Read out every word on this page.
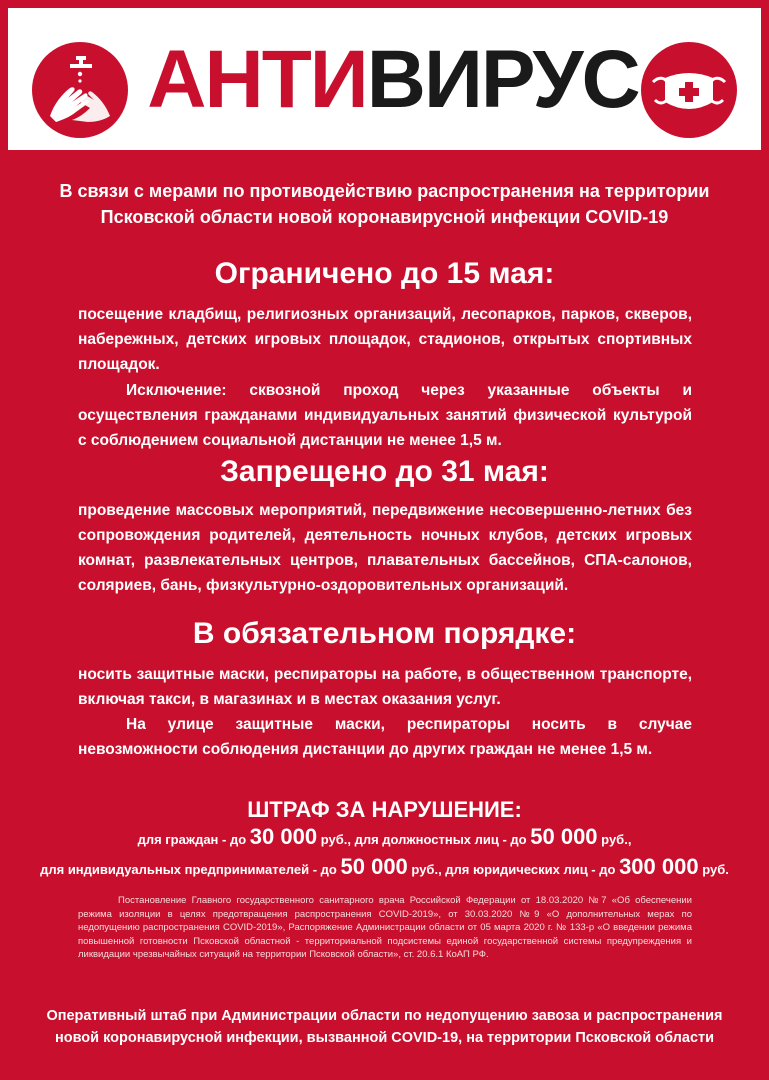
АНТИВИРУС
В связи с мерами по противодействию распространения на территории Псковской области новой коронавирусной инфекции COVID-19
Ограничено до 15 мая:
посещение кладбищ, религиозных организаций, лесопарков, парков, скверов, набережных, детских игровых площадок, стадионов, открытых спортивных площадок.
Исключение: сквозной проход через указанные объекты и осуществления гражданами индивидуальных занятий физической культурой с соблюдением социальной дистанции не менее 1,5 м.
Запрещено до 31 мая:
проведение массовых мероприятий, передвижение несовершенно-летних без сопровождения родителей, деятельность ночных клубов, детских игровых комнат, развлекательных центров, плавательных бассейнов, СПА-салонов, соляриев, бань, физкультурно-оздоровительных организаций.
В обязательном порядке:
носить защитные маски, респираторы на работе, в общественном транспорте, включая такси, в магазинах и в местах оказания услуг.
На улице защитные маски, респираторы носить в случае невозможности соблюдения дистанции до других граждан не менее 1,5 м.
ШТРАФ ЗА НАРУШЕНИЕ:
для граждан - до 30 000 руб., для должностных лиц - до 50 000 руб.,
для индивидуальных предпринимателей - до 50 000 руб., для юридических лиц - до 300 000 руб.
Постановление Главного государственного санитарного врача Российской Федерации от 18.03.2020 №7 «Об обеспечении режима изоляции в целях предотвращения распространения COVID-2019», от 30.03.2020 №9 «О дополнительных мерах по недопущению распространения COVID-2019», Распоряжение Администрации области от 05 марта 2020 г. № 133-р «О введении режима повышенной готовности Псковской областной - территориальной подсистемы единой государственной системы предупреждения и ликвидации чрезвычайных ситуаций на территории Псковской области», ст. 20.6.1 КоАП РФ.
Оперативный штаб при Администрации области по недопущению завоза и распространения новой коронавирусной инфекции, вызванной COVID-19, на территории Псковской области
